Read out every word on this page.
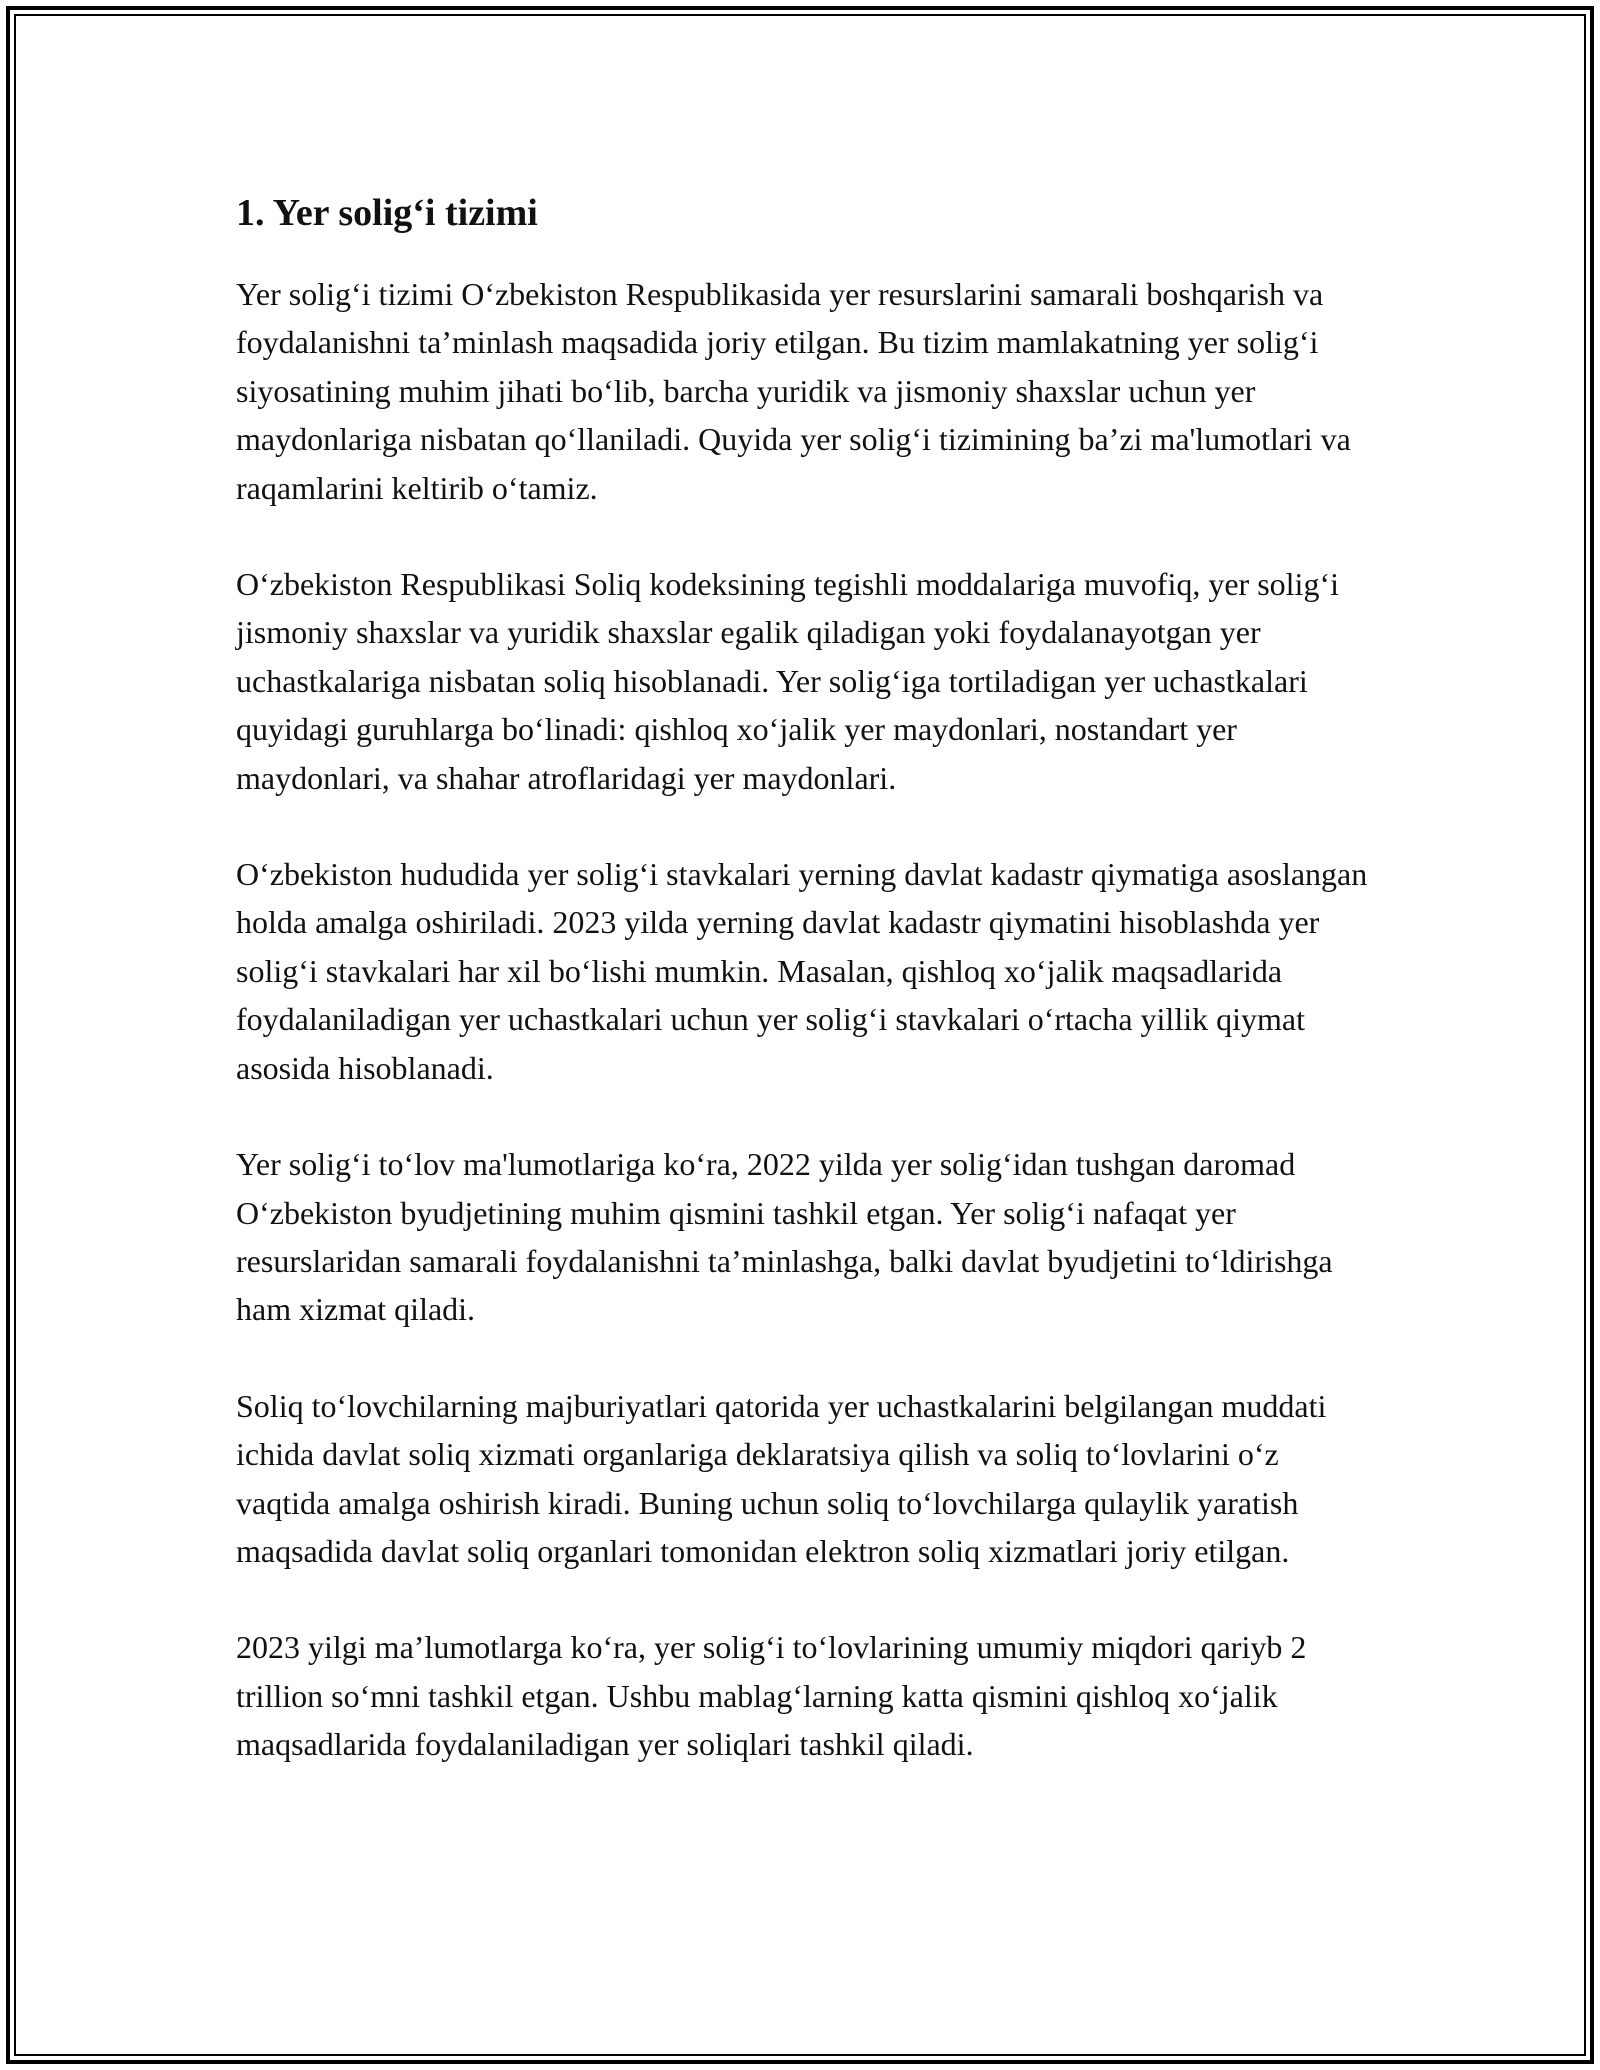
1. Yer solig‘i tizimi

Yer solig‘i tizimi O‘zbekiston Respublikasida yer resurslarini samarali boshqarish va foydalanishni ta’minlash maqsadida joriy etilgan. Bu tizim mamlakatning yer solig‘i siyosatining muhim jihati bo‘lib, barcha yuridik va jismoniy shaxslar uchun yer maydonlariga nisbatan qo‘llaniladi. Quyida yer solig‘i tizimining ba’zi ma'lumotlari va raqamlarini keltirib o‘tamiz.

O‘zbekiston Respublikasi Soliq kodeksining tegishli moddalariga muvofiq, yer solig‘i jismoniy shaxslar va yuridik shaxslar egalik qiladigan yoki foydalanayotgan yer uchastkalariga nisbatan soliq hisoblanadi. Yer solig‘iga tortiladigan yer uchastkalari quyidagi guruhlarga bo‘linadi: qishloq xo‘jalik yer maydonlari, nostandart yer maydonlari, va shahar atroflaridagi yer maydonlari.

O‘zbekiston hududida yer solig‘i stavkalari yerning davlat kadastr qiymatiga asoslangan holda amalga oshiriladi. 2023 yilda yerning davlat kadastr qiymatini hisoblashda yer solig‘i stavkalari har xil bo‘lishi mumkin. Masalan, qishloq xo‘jalik maqsadlarida foydalaniladigan yer uchastkalari uchun yer solig‘i stavkalari o‘rtacha yillik qiymat asosida hisoblanadi.

Yer solig‘i to‘lov ma'lumotlariga ko‘ra, 2022 yilda yer solig‘idan tushgan daromad O‘zbekiston byudjetining muhim qismini tashkil etgan. Yer solig‘i nafaqat yer resurslaridan samarali foydalanishni ta’minlashga, balki davlat byudjetini to‘ldirishga ham xizmat qiladi.

Soliq to‘lovchilarning majburiyatlari qatorida yer uchastkalarini belgilangan muddati ichida davlat soliq xizmati organlariga deklaratsiya qilish va soliq to‘lovlarini o‘z vaqtida amalga oshirish kiradi. Buning uchun soliq to‘lovchilarga qulaylik yaratish maqsadida davlat soliq organlari tomonidan elektron soliq xizmatlari joriy etilgan.

2023 yilgi ma’lumotlarga ko‘ra, yer solig‘i to‘lovlarining umumiy miqdori qariyb 2 trillion so‘mni tashkil etgan. Ushbu mablag‘larning katta qismini qishloq xo‘jalik maqsadlarida foydalaniladigan yer soliqlari tashkil qiladi.
